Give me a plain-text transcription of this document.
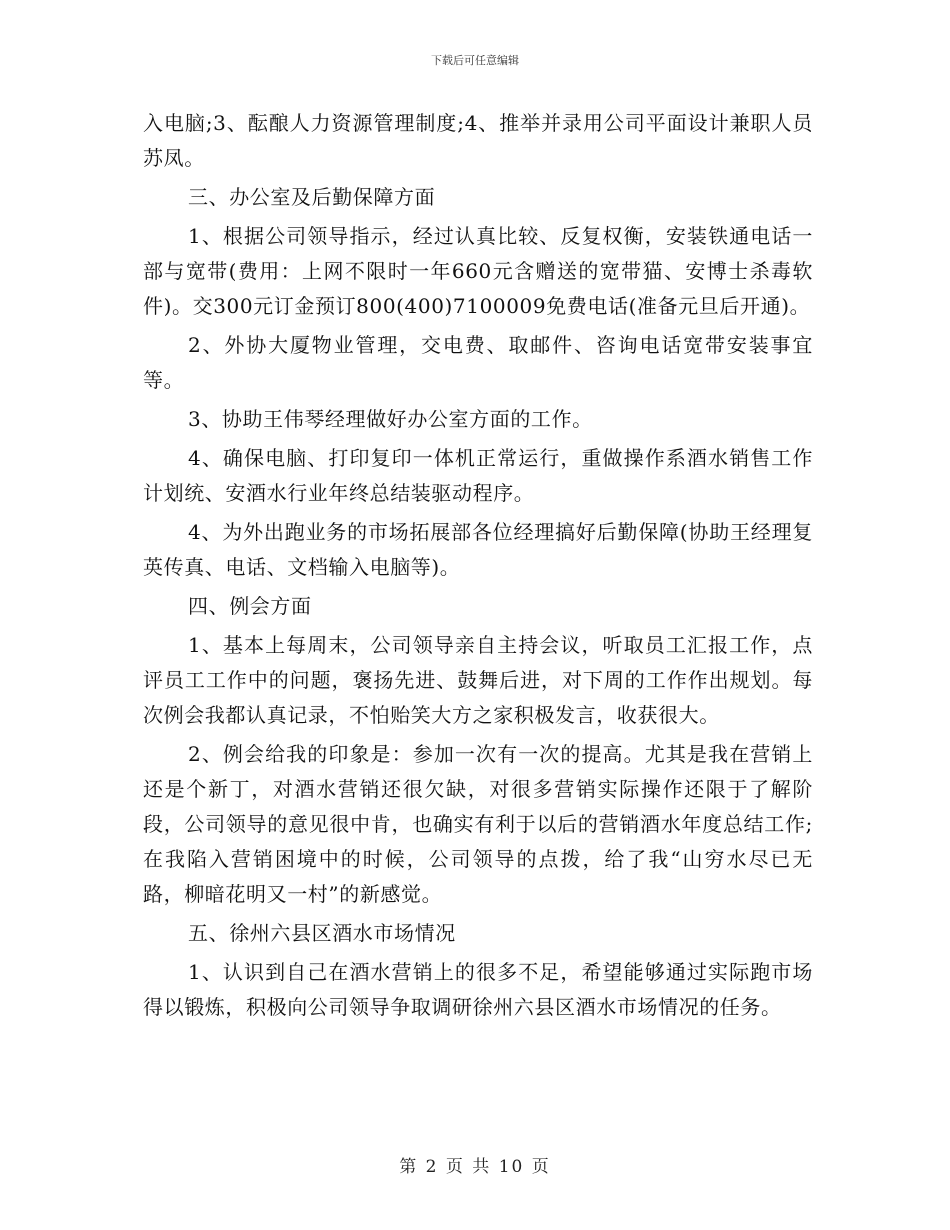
下载后可任意编辑

入电脑;3、酝酿人力资源管理制度;4、推举并录用公司平面设计兼职人员苏凤。

三、办公室及后勤保障方面

1、根据公司领导指示，经过认真比较、反复权衡，安装铁通电话一部与宽带(费用：上网不限时一年660元含赠送的宽带猫、安博士杀毒软件)。交300元订金预订800(400)7100009免费电话(准备元旦后开通)。

2、外协大厦物业管理，交电费、取邮件、咨询电话宽带安装事宜等。

3、协助王伟琴经理做好办公室方面的工作。

4、确保电脑、打印复印一体机正常运行，重做操作系酒水销售工作计划统、安酒水行业年终总结装驱动程序。

4、为外出跑业务的市场拓展部各位经理搞好后勤保障(协助王经理复英传真、电话、文档输入电脑等)。

四、例会方面

1、基本上每周末，公司领导亲自主持会议，听取员工汇报工作，点评员工工作中的问题，褒扬先进、鼓舞后进，对下周的工作作出规划。每次例会我都认真记录，不怕贻笑大方之家积极发言，收获很大。

2、例会给我的印象是：参加一次有一次的提高。尤其是我在营销上还是个新丁，对酒水营销还很欠缺，对很多营销实际操作还限于了解阶段，公司领导的意见很中肯，也确实有利于以后的营销酒水年度总结工作;在我陷入营销困境中的时候，公司领导的点拨，给了我“山穷水尽已无路，柳暗花明又一村”的新感觉。

五、徐州六县区酒水市场情况

1、认识到自己在酒水营销上的很多不足，希望能够通过实际跑市场得以锻炼，积极向公司领导争取调研徐州六县区酒水市场情况的任务。

第 2 页 共 10 页
